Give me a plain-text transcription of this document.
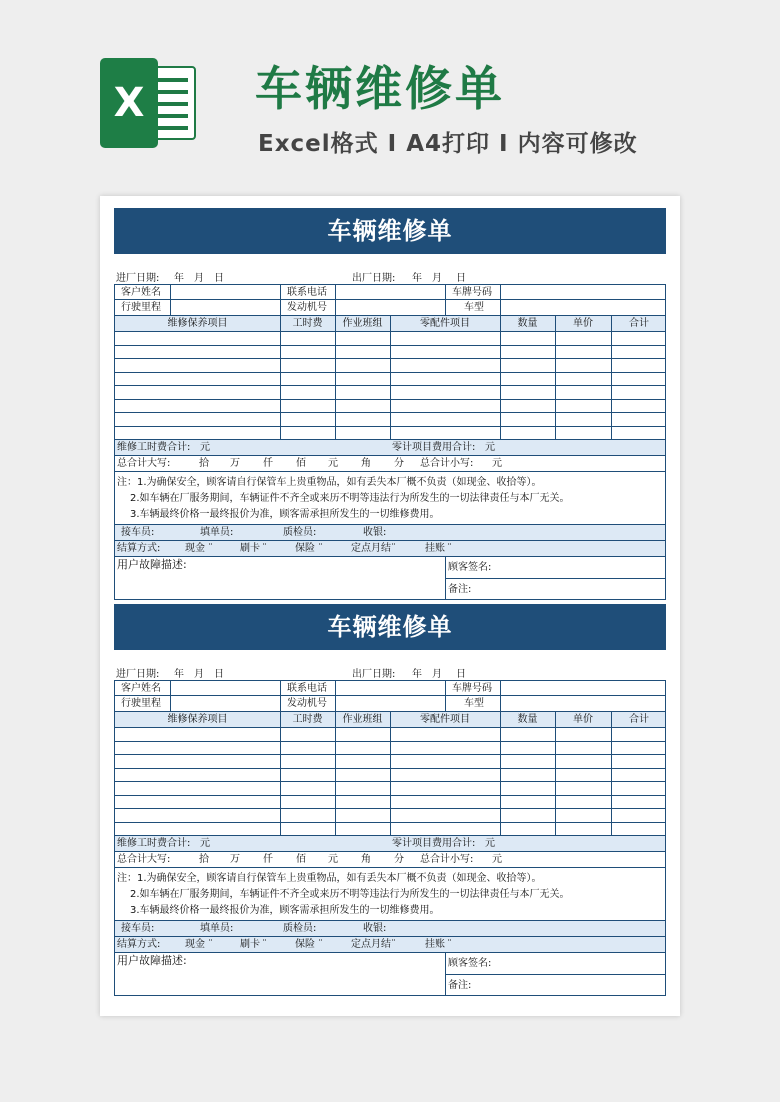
X 车辆维修单
Excel格式 I A4打印 I 内容可修改
车辆维修单
进厂日期: 年 月 日	出厂日期: 年 月 日
客户姓名	联系电话	车牌号码
行驶里程	发动机号	车型
维修保养项目	工时费	作业班组	零配件项目	数量	单价	合计
维修工时费合计: 元	零计项目费用合计: 元
总合计大写:	拾 万 仟 佰 元 角 分 总合计小写: 元
注：1.为确保安全，顾客请自行保管车上贵重物品，如有丢失本厂概不负责（如现金、收拾等）。
2.如车辆在厂服务期间，车辆证件不齐全或来历不明等违法行为所发生的一切法律责任与本厂无关。
3.车辆最终价格一最终报价为准，顾客需承担所发生的一切维修费用。
接车员:	填单员:	质检员:	收银:
结算方式: 现金 ¨	刷卡 ¨	保险 ¨	定点月结 ¨	挂账 ¨
用户故障描述:	顾客签名:
备注:
车辆维修单
进厂日期: 年 月 日	出厂日期: 年 月 日
客户姓名	联系电话	车牌号码
行驶里程	发动机号	车型
维修保养项目	工时费	作业班组	零配件项目	数量	单价	合计
维修工时费合计: 元	零计项目费用合计: 元
总合计大写:	拾 万 仟 佰 元 角 分 总合计小写: 元
注：1.为确保安全，顾客请自行保管车上贵重物品，如有丢失本厂概不负责（如现金、收拾等）。
2.如车辆在厂服务期间，车辆证件不齐全或来历不明等违法行为所发生的一切法律责任与本厂无关。
3.车辆最终价格一最终报价为准，顾客需承担所发生的一切维修费用。
接车员:	填单员:	质检员:	收银:
结算方式: 现金 ¨	刷卡 ¨	保险 ¨	定点月结 ¨	挂账 ¨
用户故障描述:	顾客签名:
备注:
